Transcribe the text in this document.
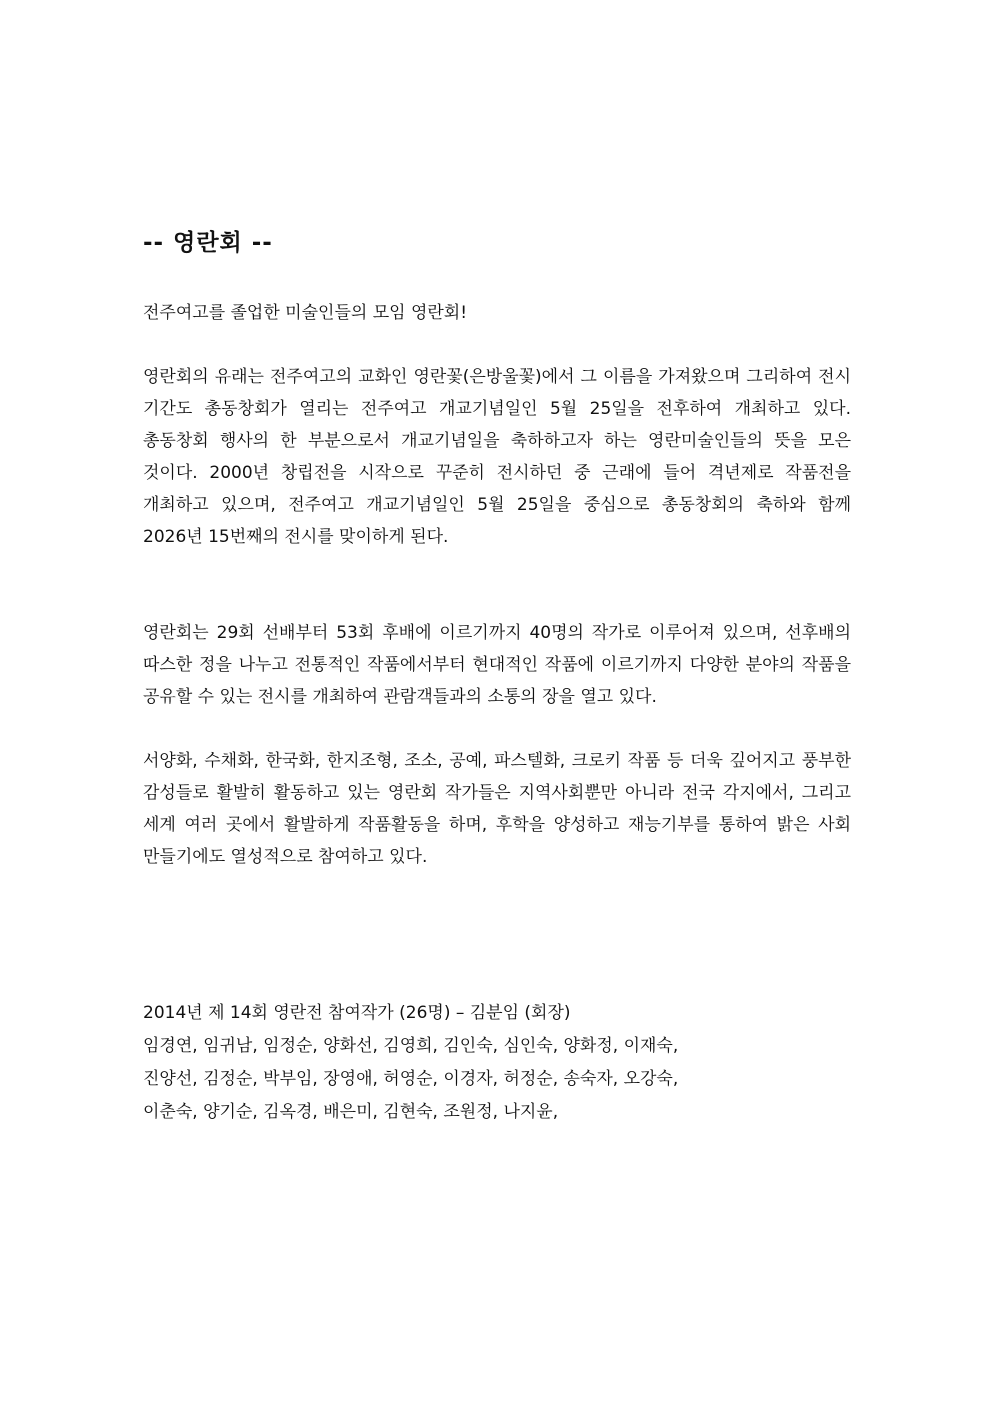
-- 영란회 --

전주여고를 졸업한 미술인들의 모임 영란회!

영란회의 유래는 전주여고의 교화인 영란꽃(은방울꽃)에서 그 이름을 가져왔으며 그리하여 전시 기간도 총동창회가 열리는 전주여고 개교기념일인 5월 25일을 전후하여 개최하고 있다. 총동창회 행사의 한 부분으로서 개교기념일을 축하하고자 하는 영란미술인들의 뜻을 모은 것이다. 2000년 창립전을 시작으로 꾸준히 전시하던 중 근래에 들어 격년제로 작품전을 개최하고 있으며, 전주여고 개교기념일인 5월 25일을 중심으로 총동창회의 축하와 함께 2026년 15번째의 전시를 맞이하게 된다.

영란회는 29회 선배부터 53회 후배에 이르기까지 40명의 작가로 이루어져 있으며, 선후배의 따스한 정을 나누고 전통적인 작품에서부터 현대적인 작품에 이르기까지 다양한 분야의 작품을 공유할 수 있는 전시를 개최하여 관람객들과의 소통의 장을 열고 있다.

서양화, 수채화, 한국화, 한지조형, 조소, 공예, 파스텔화, 크로키 작품 등 더욱 깊어지고 풍부한 감성들로 활발히 활동하고 있는 영란회 작가들은 지역사회뿐만 아니라 전국 각지에서, 그리고 세계 여러 곳에서 활발하게 작품활동을 하며, 후학을 양성하고 재능기부를 통하여 밝은 사회 만들기에도 열성적으로 참여하고 있다.

2014년 제 14회 영란전 참여작가 (26명) – 김분임 (회장)
임경연, 임귀남, 임정순, 양화선, 김영희, 김인숙, 심인숙, 양화정, 이재숙,
진양선, 김정순, 박부임, 장영애, 허영순, 이경자, 허정순, 송숙자, 오강숙,
이춘숙, 양기순, 김옥경, 배은미, 김현숙, 조원정, 나지윤,
